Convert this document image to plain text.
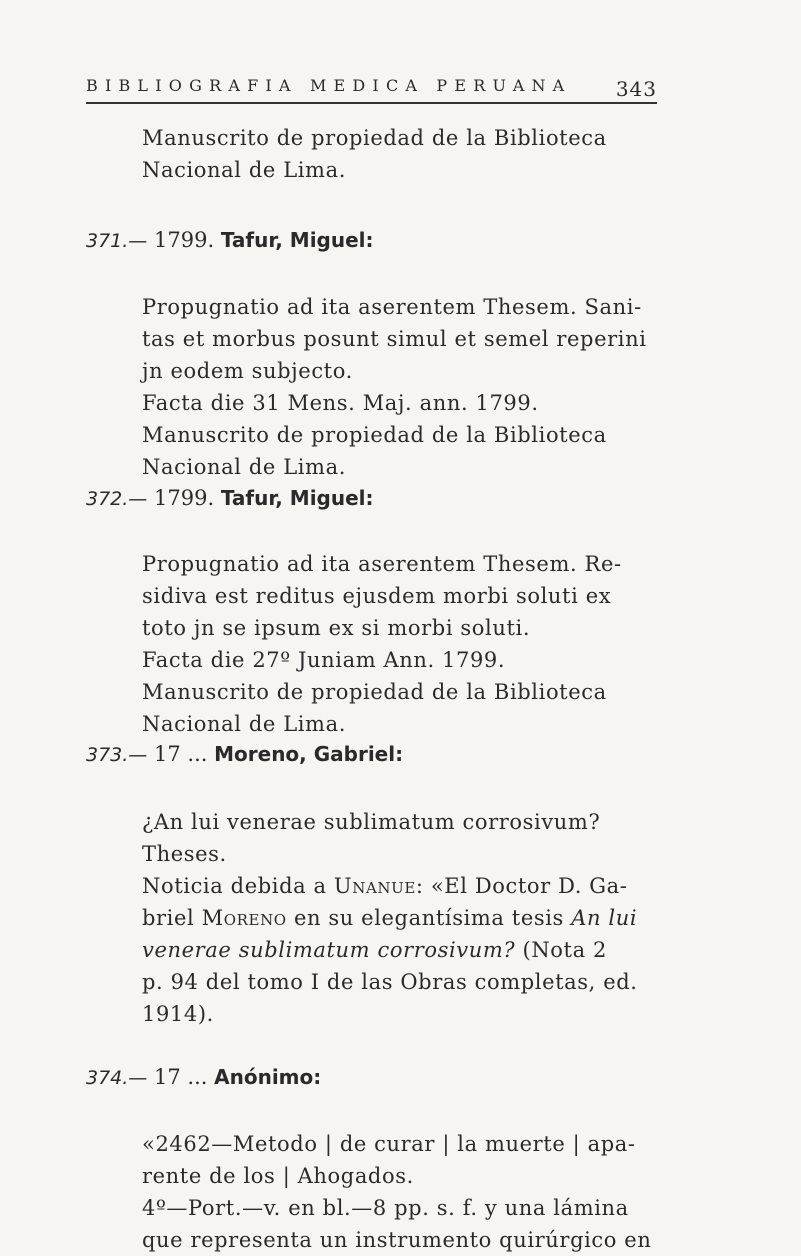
BIBLIOGRAFIA MEDICA PERUANA 343

Manuscrito de propiedad de la Biblioteca
Nacional de Lima.

371.— 1799. Tafur, Miguel:

Propugnatio ad ita aserentem Thesem. Sani-
tas et morbus posunt simul et semel reperini
jn eodem subjecto.
Facta die 31 Mens. Maj. ann. 1799.
Manuscrito de propiedad de la Biblioteca
Nacional de Lima.

372.— 1799. Tafur, Miguel:

Propugnatio ad ita aserentem Thesem. Re-
sidiva est reditus ejusdem morbi soluti ex
toto jn se ipsum ex si morbi soluti.
Facta die 27º Juniam Ann. 1799.
Manuscrito de propiedad de la Biblioteca
Nacional de Lima.

373.— 17 ... Moreno, Gabriel:

¿An lui venerae sublimatum corrosivum?
Theses.
Noticia debida a Unanue: «El Doctor D. Ga-
briel Moreno en su elegantísima tesis An lui
venerae sublimatum corrosivum? (Nota 2
p. 94 del tomo I de las Obras completas, ed.
1914).

374.— 17 ... Anónimo:

«2462—Metodo | de curar | la muerte | apa-
rente de los | Ahogados.
4º—Port.—v. en bl.—8 pp. s. f. y una lámina
que representa un instrumento quirúrgico en
